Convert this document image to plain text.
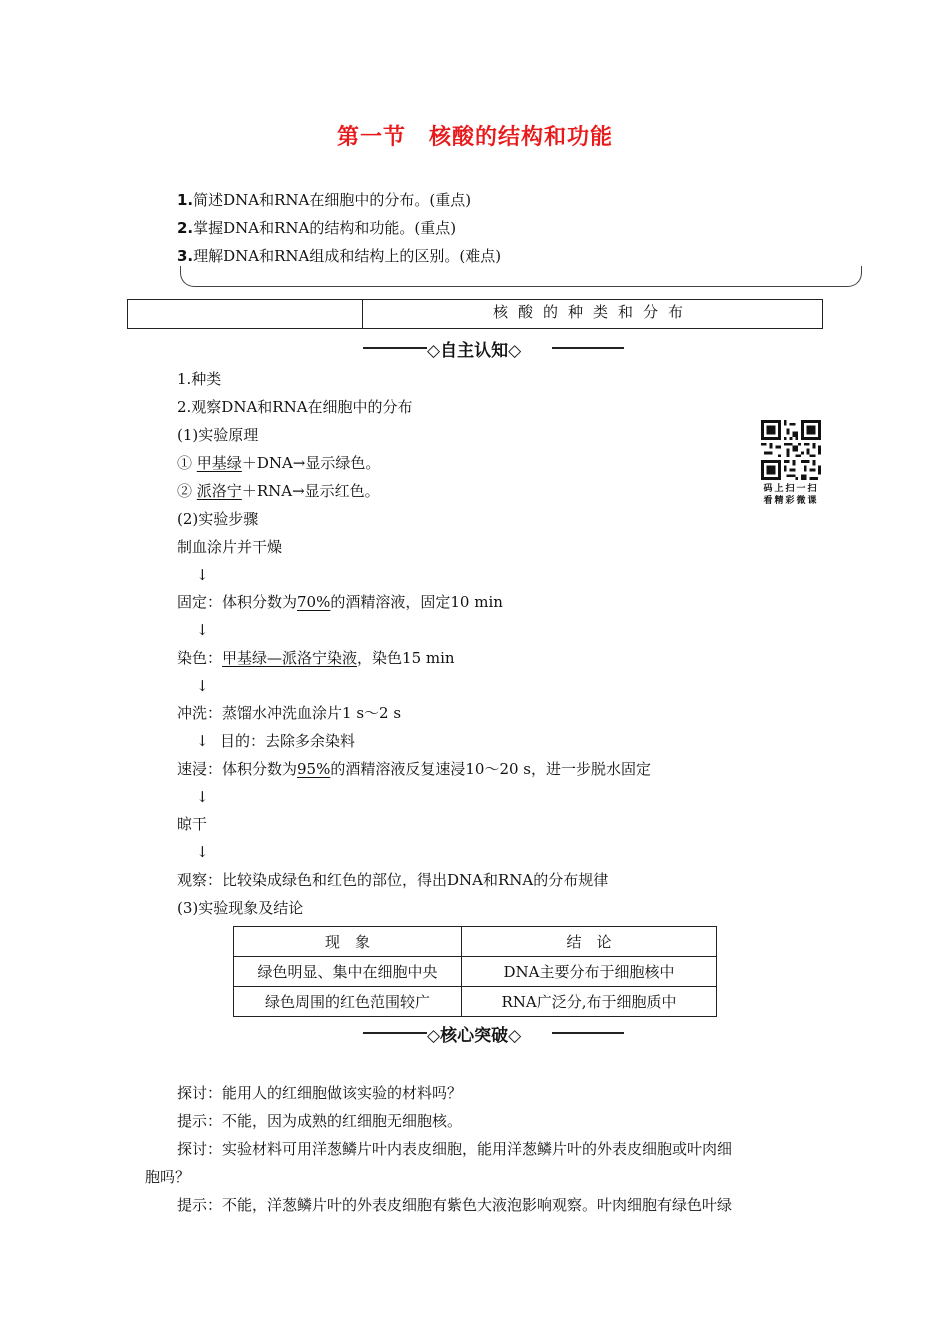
第一节　核酸的结构和功能
1.简述DNA和RNA在细胞中的分布。(重点)
2.掌握DNA和RNA的结构和功能。(重点)
3.理解DNA和RNA组成和结构上的区别。(难点)
核酸的种类和分布
◇自主认知◇
1.种类
2.观察DNA和RNA在细胞中的分布
(1)实验原理
① 甲基绿＋DNA→显示绿色。
② 派洛宁＋RNA→显示红色。	码上扫一扫
看精彩微课
(2)实验步骤
制血涂片并干燥
↓
固定：体积分数为70%的酒精溶液，固定10 min
↓
染色：甲基绿—派洛宁染液，染色15 min
↓
冲洗：蒸馏水冲洗血涂片1 s～2 s
↓ 目的：去除多余染料
速浸：体积分数为95%的酒精溶液反复速浸10～20 s，进一步脱水固定
↓
晾干
↓
观察：比较染成绿色和红色的部位，得出DNA和RNA的分布规律
(3)实验现象及结论
现　象	结　论
绿色明显、集中在细胞中央	DNA主要分布于细胞核中
绿色周围的红色范围较广	RNA广泛分,布于细胞质中
◇核心突破◇
探讨：能用人的红细胞做该实验的材料吗？
提示：不能，因为成熟的红细胞无细胞核。
探讨：实验材料可用洋葱鳞片叶内表皮细胞，能用洋葱鳞片叶的外表皮细胞或叶肉细
胞吗？
提示：不能，洋葱鳞片叶的外表皮细胞有紫色大液泡影响观察。叶肉细胞有绿色叶绿
